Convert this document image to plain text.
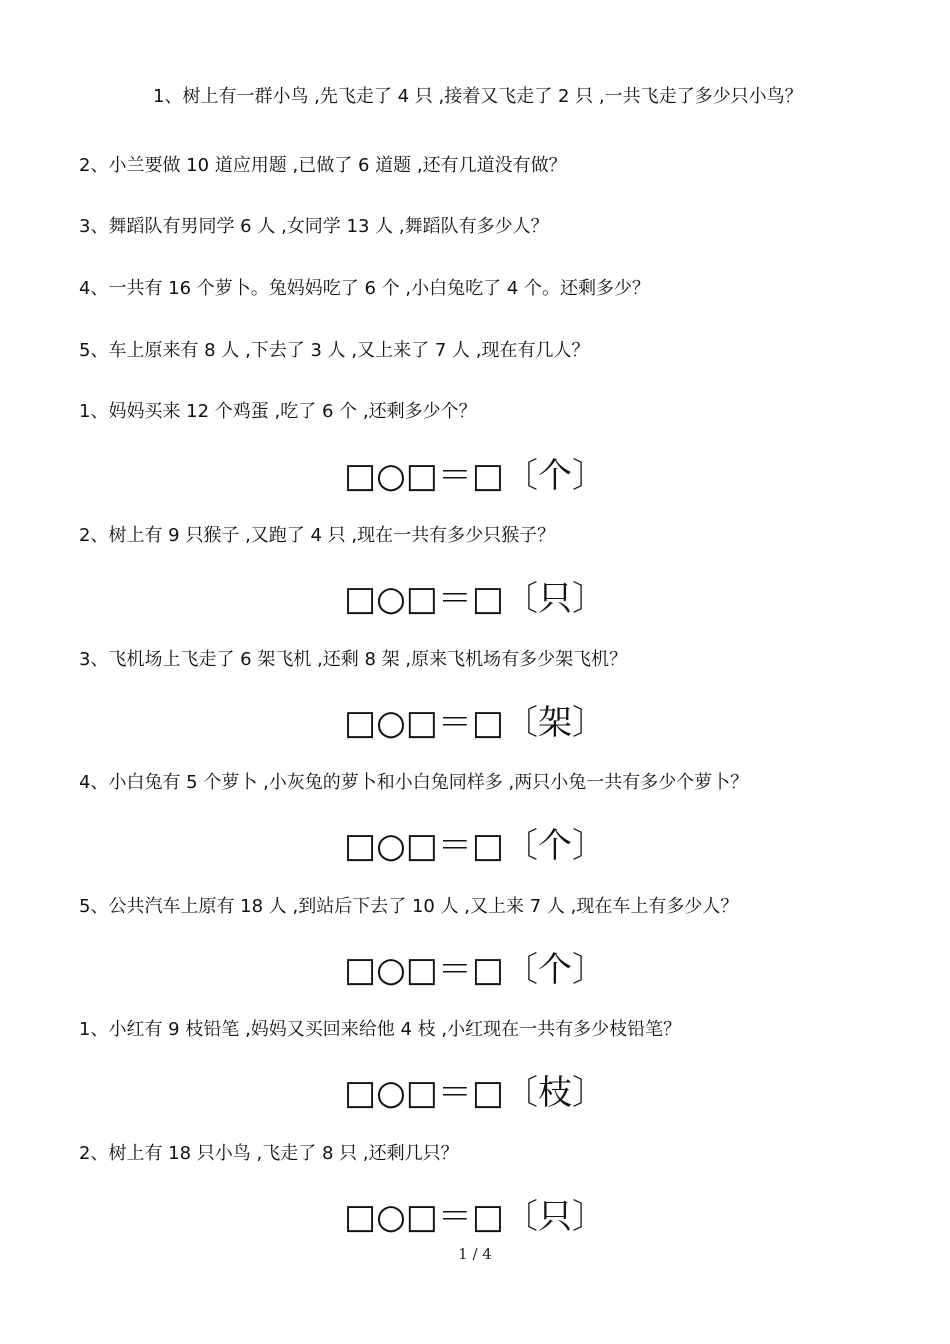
1、树上有一群小鸟 ,先飞走了 4 只 ,接着又飞走了 2 只 ,一共飞走了多少只小鸟？
2、小兰要做 10 道应用题 ,已做了 6 道题 ,还有几道没有做？
3、舞蹈队有男同学 6 人 ,女同学 13 人 ,舞蹈队有多少人？
4、一共有 16 个萝卜。兔妈妈吃了 6 个 ,小白兔吃了 4 个。还剩多少？
5、车上原来有 8 人 ,下去了 3 人 ,又上来了 7 人 ,现在有几人？
1、妈妈买来 12 个鸡蛋 ,吃了 6 个 ,还剩多少个？
□○□＝□〔个〕
2、树上有 9 只猴子 ,又跑了 4 只 ,现在一共有多少只猴子？
□○□＝□〔只〕
3、飞机场上飞走了 6 架飞机 ,还剩 8 架 ,原来飞机场有多少架飞机？
□○□＝□〔架〕
4、小白兔有 5 个萝卜 ,小灰兔的萝卜和小白兔同样多 ,两只小兔一共有多少个萝卜？
□○□＝□〔个〕
5、公共汽车上原有 18 人 ,到站后下去了 10 人 ,又上来 7 人 ,现在车上有多少人？
□○□＝□〔个〕
1、小红有 9 枝铅笔 ,妈妈又买回来给他 4 枝 ,小红现在一共有多少枝铅笔？
□○□＝□〔枝〕
2、树上有 18 只小鸟 ,飞走了 8 只 ,还剩几只？
□○□＝□〔只〕
1 / 4
